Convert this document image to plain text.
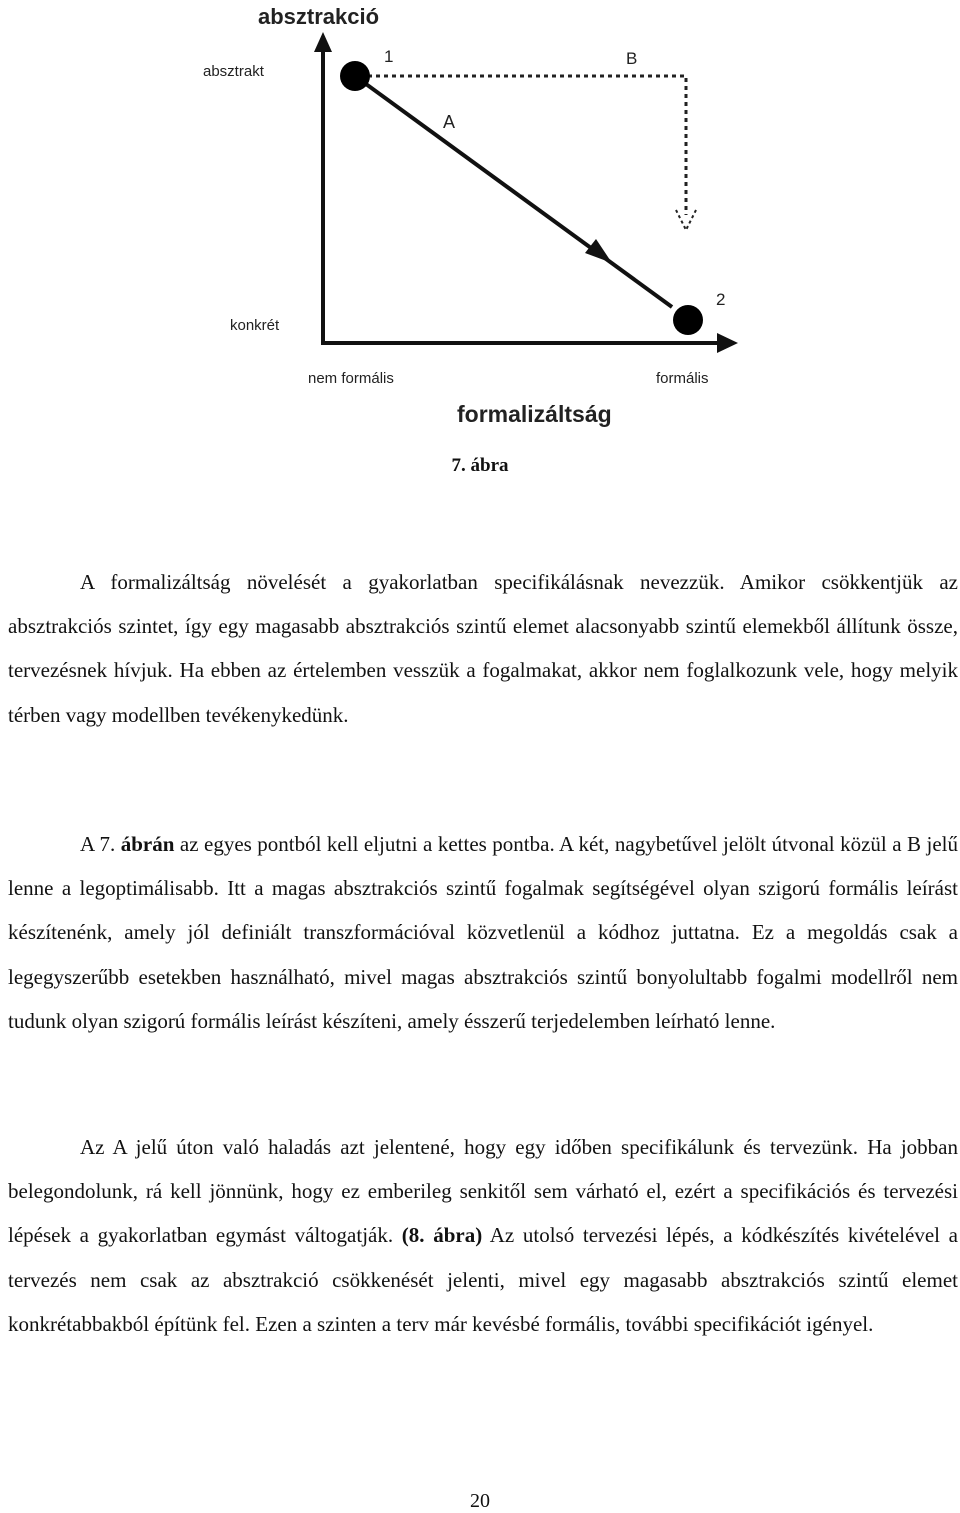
absztrakció
absztrakt
konkrét
nem formális	formális
formalizáltság
1
2
A
B
7. ábra

A formalizáltság növelését a gyakorlatban specifikálásnak nevezzük. Amikor csökkentjük az absztrakciós szintet, így egy magasabb absztrakciós szintű elemet alacsonyabb szintű elemekből állítunk össze, tervezésnek hívjuk. Ha ebben az értelemben vesszük a fogalmakat, akkor nem foglalkozunk vele, hogy melyik térben vagy modellben tevékenykedünk.

A 7. ábrán az egyes pontból kell eljutni a kettes pontba. A két, nagybetűvel jelölt útvonal közül a B jelű lenne a legoptimálisabb. Itt a magas absztrakciós szintű fogalmak segítségével olyan szigorú formális leírást készítenénk, amely jól definiált transzformációval közvetlenül a kódhoz juttatna. Ez a megoldás csak a legegyszerűbb esetekben használható, mivel magas absztrakciós szintű bonyolultabb fogalmi modellről nem tudunk olyan szigorú formális leírást készíteni, amely ésszerű terjedelemben leírható lenne.

Az A jelű úton való haladás azt jelentené, hogy egy időben specifikálunk és tervezünk. Ha jobban belegondolunk, rá kell jönnünk, hogy ez emberileg senkitől sem várható el, ezért a specifikációs és tervezési lépések a gyakorlatban egymást váltogatják. (8. ábra) Az utolsó tervezési lépés, a kódkészítés kivételével a tervezés nem csak az absztrakció csökkenését jelenti, mivel egy magasabb absztrakciós szintű elemet konkrétabbakból építünk fel. Ezen a szinten a terv már kevésbé formális, további specifikációt igényel.

20
